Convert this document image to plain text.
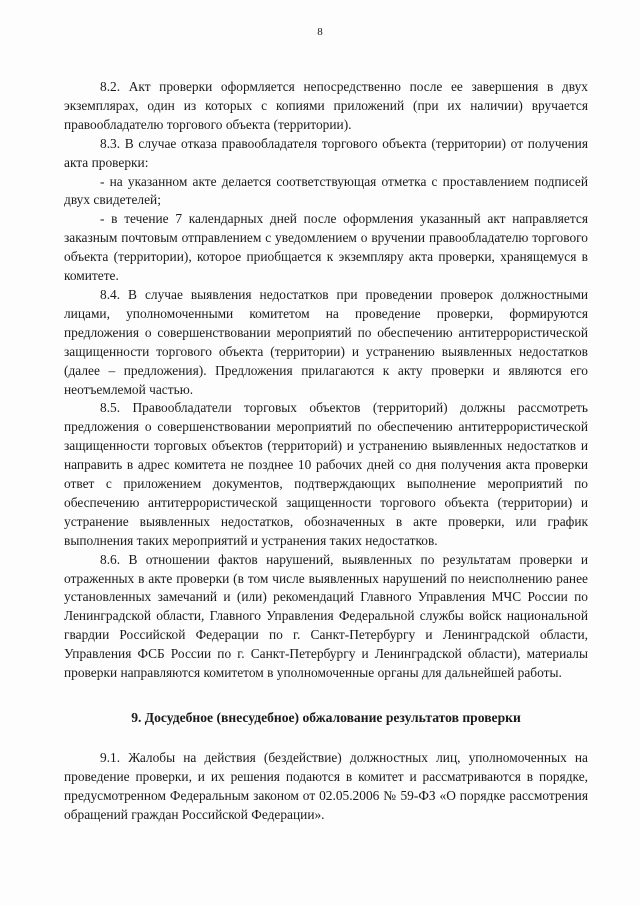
8

8.2. Акт проверки оформляется непосредственно после ее завершения в двух экземплярах, один из которых с копиями приложений (при их наличии) вручается правообладателю торгового объекта (территории).

8.3. В случае отказа правообладателя торгового объекта (территории) от получения акта проверки:

- на указанном акте делается соответствующая отметка с проставлением подписей двух свидетелей;

- в течение 7 календарных дней после оформления указанный акт направляется заказным почтовым отправлением с уведомлением о вручении правообладателю торгового объекта (территории), которое приобщается к экземпляру акта проверки, хранящемуся в комитете.

8.4. В случае выявления недостатков при проведении проверок должностными лицами, уполномоченными комитетом на проведение проверки, формируются предложения о совершенствовании мероприятий по обеспечению антитеррористической защищенности торгового объекта (территории) и устранению выявленных недостатков (далее – предложения). Предложения прилагаются к акту проверки и являются его неотъемлемой частью.

8.5. Правообладатели торговых объектов (территорий) должны рассмотреть предложения о совершенствовании мероприятий по обеспечению антитеррористической защищенности торговых объектов (территорий) и устранению выявленных недостатков и направить в адрес комитета не позднее 10 рабочих дней со дня получения акта проверки ответ с приложением документов, подтверждающих выполнение мероприятий по обеспечению антитеррористической защищенности торгового объекта (территории) и устранение выявленных недостатков, обозначенных в акте проверки, или график выполнения таких мероприятий и устранения таких недостатков.

8.6. В отношении фактов нарушений, выявленных по результатам проверки и отраженных в акте проверки (в том числе выявленных нарушений по неисполнению ранее установленных замечаний и (или) рекомендаций Главного Управления МЧС России по Ленинградской области, Главного Управления Федеральной службы войск национальной гвардии Российской Федерации по г. Санкт-Петербургу и Ленинградской области, Управления ФСБ России по г. Санкт-Петербургу и Ленинградской области), материалы проверки направляются комитетом в уполномоченные органы для дальнейшей работы.

9. Досудебное (внесудебное) обжалование результатов проверки

9.1. Жалобы на действия (бездействие) должностных лиц, уполномоченных на проведение проверки, и их решения подаются в комитет и рассматриваются в порядке, предусмотренном Федеральным законом от 02.05.2006 № 59-ФЗ «О порядке рассмотрения обращений граждан Российской Федерации».
